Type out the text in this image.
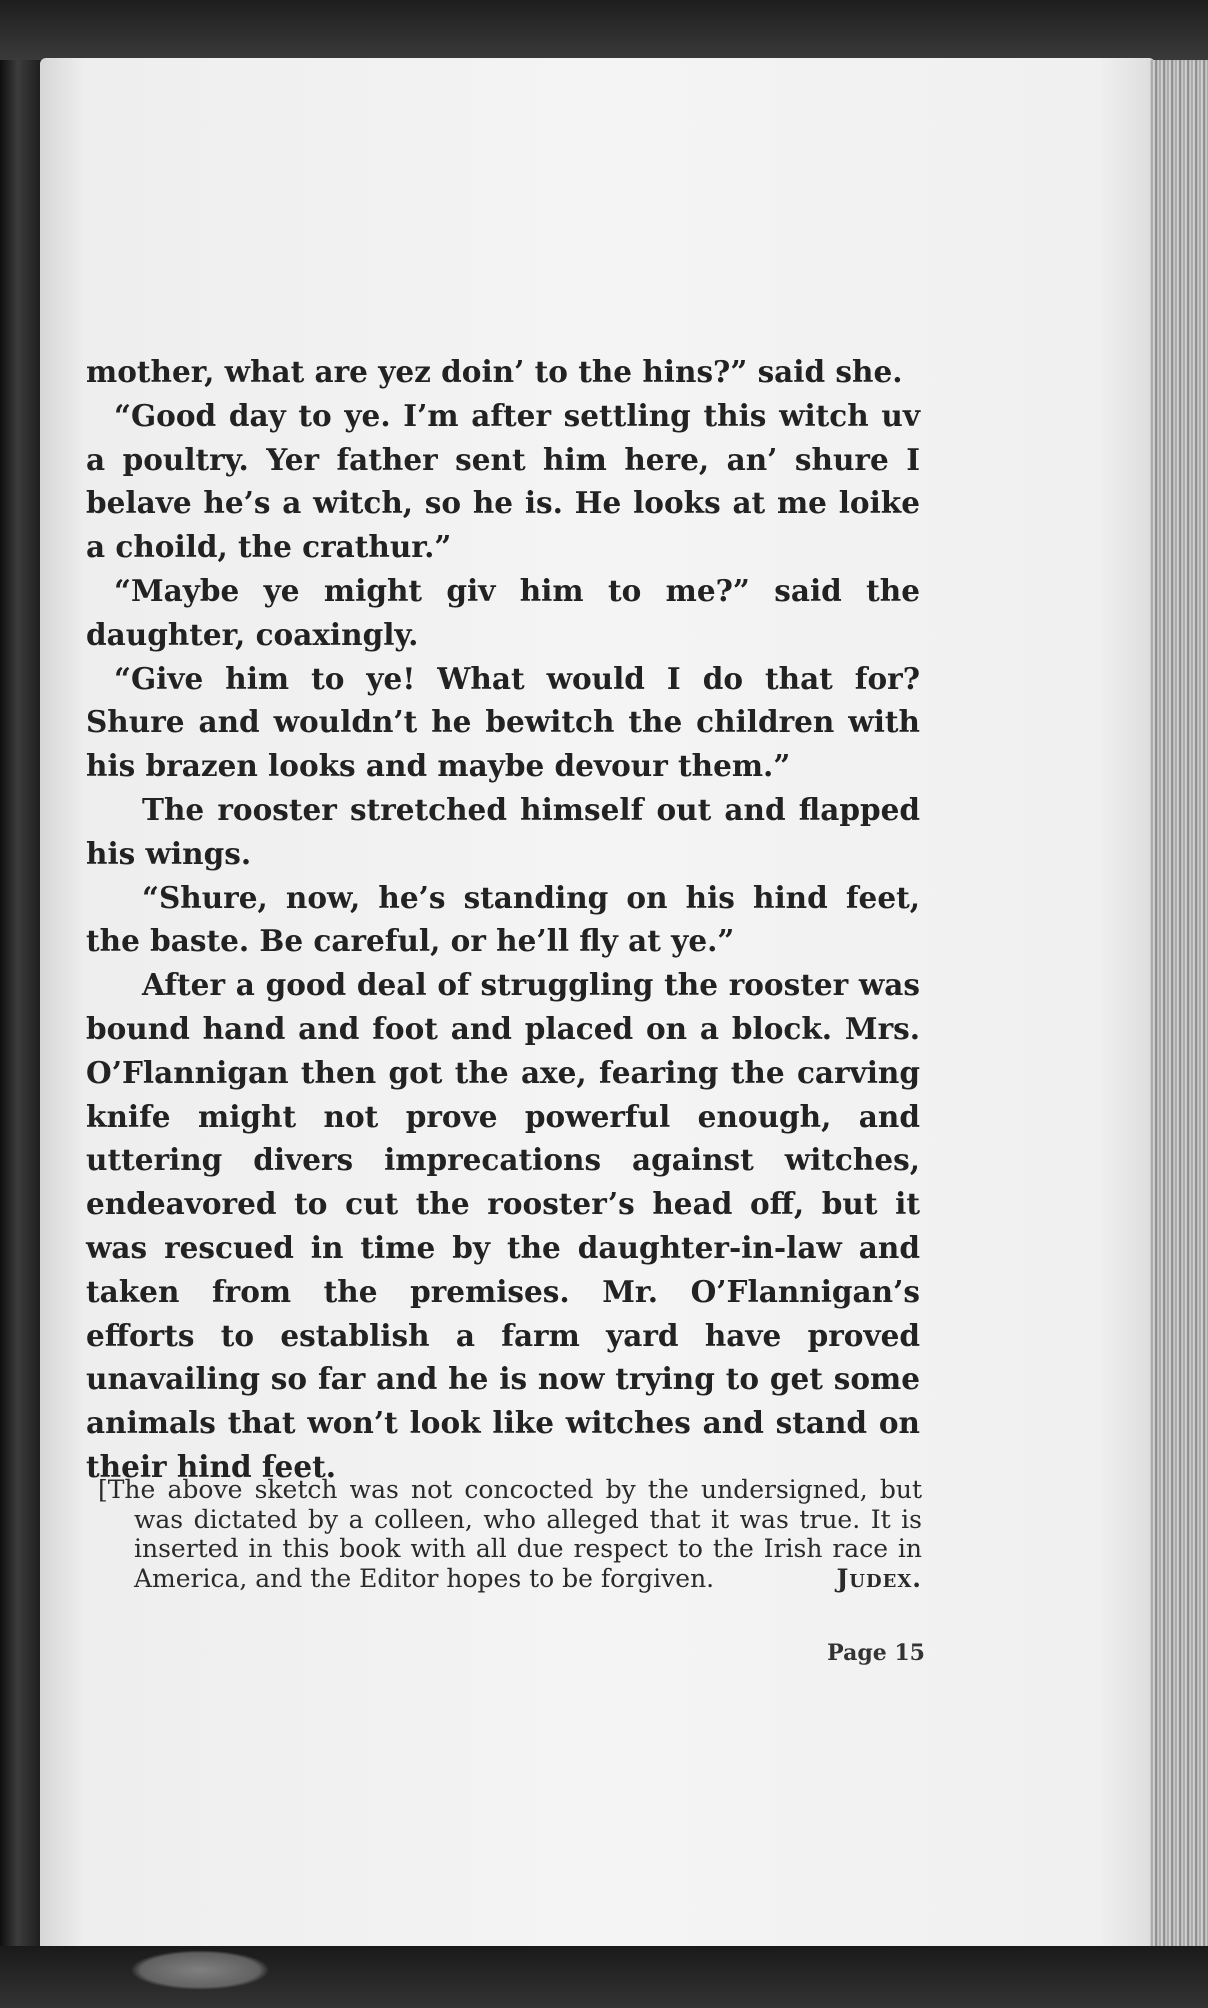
mother, what are yez doin’ to the hins?” said she.

“Good day to ye. I’m after settling this witch uv a poultry. Yer father sent him here, an’ shure I belave he’s a witch, so he is. He looks at me loike a choild, the crathur.”

“Maybe ye might giv him to me?” said the daughter, coaxingly.

“Give him to ye! What would I do that for? Shure and wouldn’t he bewitch the children with his brazen looks and maybe devour them.”

The rooster stretched himself out and flapped his wings.

“Shure, now, he’s standing on his hind feet, the baste. Be careful, or he’ll fly at ye.”

After a good deal of struggling the rooster was bound hand and foot and placed on a block. Mrs. O’Flannigan then got the axe, fearing the carving knife might not prove powerful enough, and uttering divers imprecations against witches, endeavored to cut the rooster’s head off, but it was rescued in time by the daughter-in-law and taken from the premises. Mr. O’Flannigan’s efforts to establish a farm yard have proved unavailing so far and he is now trying to get some animals that won’t look like witches and stand on their hind feet.

[The above sketch was not concocted by the undersigned, but was dictated by a colleen, who alleged that it was true. It is inserted in this book with all due respect to the Irish race in America, and the Editor hopes to be forgiven.	Judex.
Page 15
